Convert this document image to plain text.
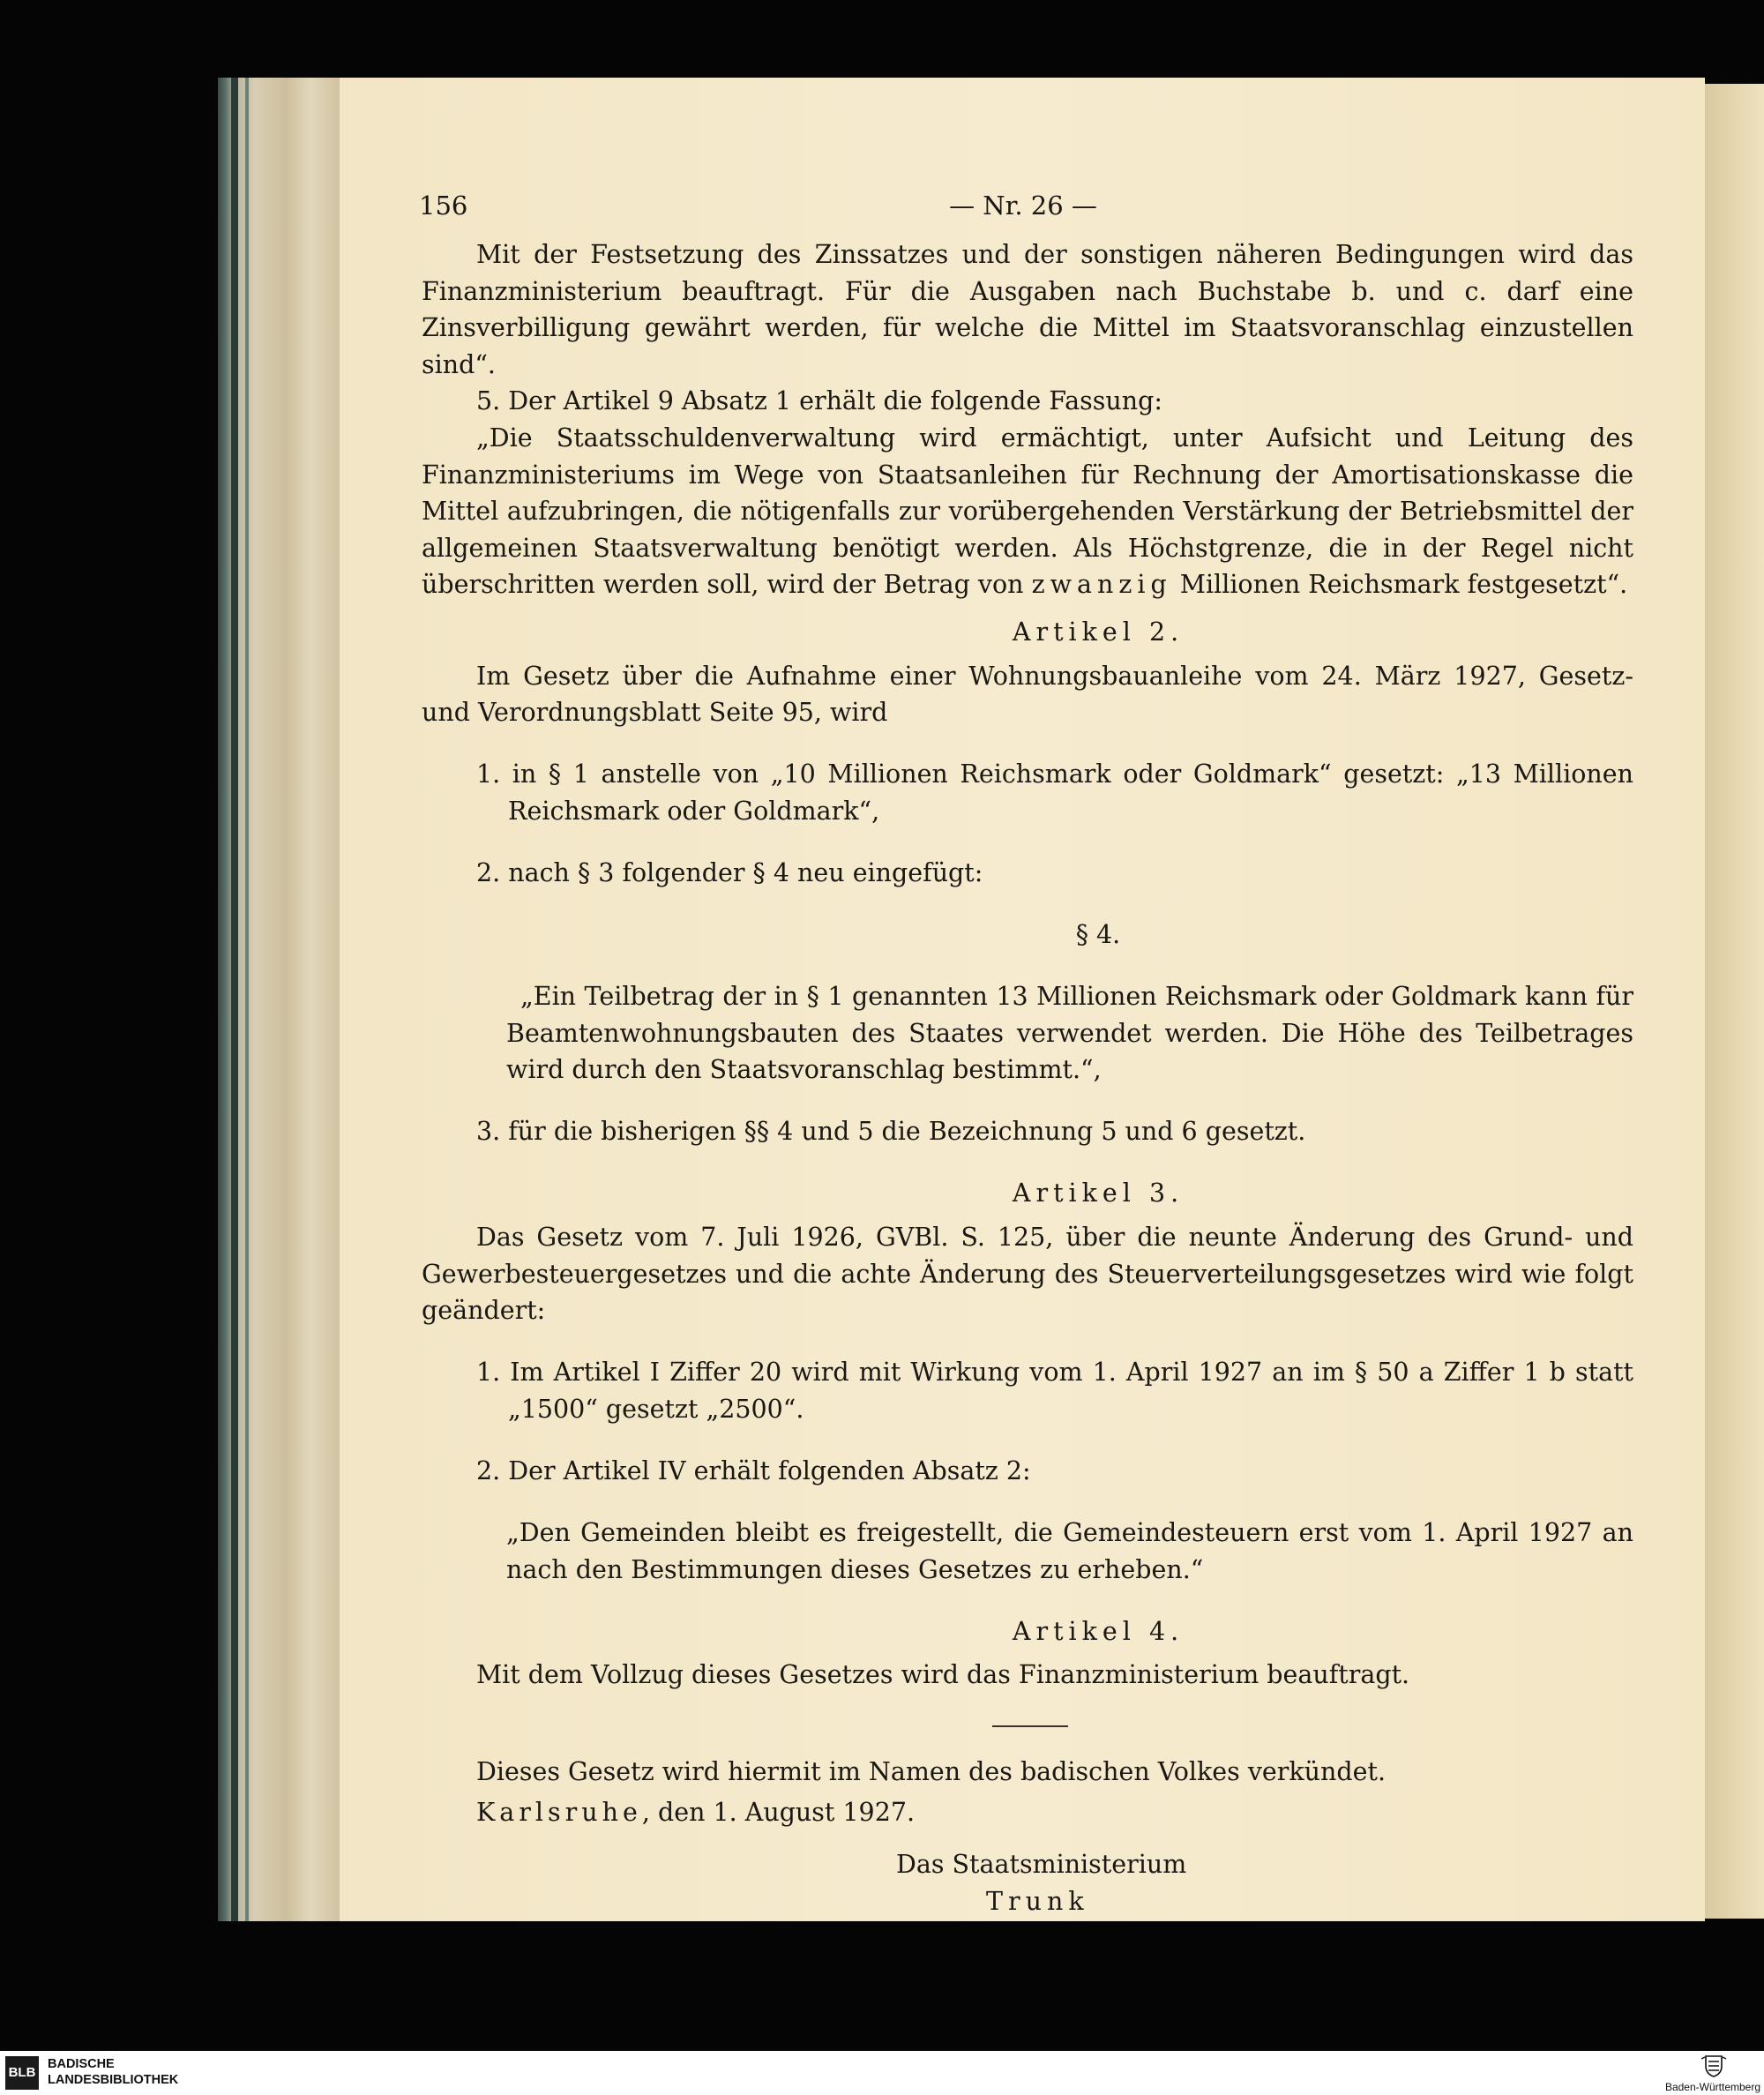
156	— Nr. 26 —

Mit der Festsetzung des Zinssatzes und der sonstigen näheren Bedingungen wird das Finanzministerium beauftragt. Für die Ausgaben nach Buchstabe b. und c. darf eine Zinsverbilligung gewährt werden, für welche die Mittel im Staatsvoranschlag einzustellen sind“.

5. Der Artikel 9 Absatz 1 erhält die folgende Fassung:

„Die Staatsschuldenverwaltung wird ermächtigt, unter Aufsicht und Leitung des Finanzministeriums im Wege von Staatsanleihen für Rechnung der Amortisationskasse die Mittel aufzubringen, die nötigenfalls zur vorübergehenden Verstärkung der Betriebsmittel der allgemeinen Staatsverwaltung benötigt werden. Als Höchstgrenze, die in der Regel nicht überschritten werden soll, wird der Betrag von zwanzig Millionen Reichsmark festgesetzt“.

Artikel 2.

Im Gesetz über die Aufnahme einer Wohnungsbauanleihe vom 24. März 1927, Gesetz- und Verordnungsblatt Seite 95, wird

1. in § 1 anstelle von „10 Millionen Reichsmark oder Goldmark“ gesetzt: „13 Millionen Reichsmark oder Goldmark“,

2. nach § 3 folgender § 4 neu eingefügt:

§ 4.

„Ein Teilbetrag der in § 1 genannten 13 Millionen Reichsmark oder Goldmark kann für Beamtenwohnungsbauten des Staates verwendet werden. Die Höhe des Teilbetrages wird durch den Staatsvoranschlag bestimmt.“,

3. für die bisherigen §§ 4 und 5 die Bezeichnung 5 und 6 gesetzt.

Artikel 3.

Das Gesetz vom 7. Juli 1926, GVBl. S. 125, über die neunte Änderung des Grund- und Gewerbesteuergesetzes und die achte Änderung des Steuerverteilungsgesetzes wird wie folgt geändert:

1. Im Artikel I Ziffer 20 wird mit Wirkung vom 1. April 1927 an im § 50 a Ziffer 1 b statt „1500“ gesetzt „2500“.

2. Der Artikel IV erhält folgenden Absatz 2:

„Den Gemeinden bleibt es freigestellt, die Gemeindesteuern erst vom 1. April 1927 an nach den Bestimmungen dieses Gesetzes zu erheben.“

Artikel 4.

Mit dem Vollzug dieses Gesetzes wird das Finanzministerium beauftragt.

Dieses Gesetz wird hiermit im Namen des badischen Volkes verkündet.

Karlsruhe, den 1. August 1927.

Das Staatsministerium

Trunk

BLB
BADISCHE
LANDESBIBLIOTHEK	Baden-Württemberg
